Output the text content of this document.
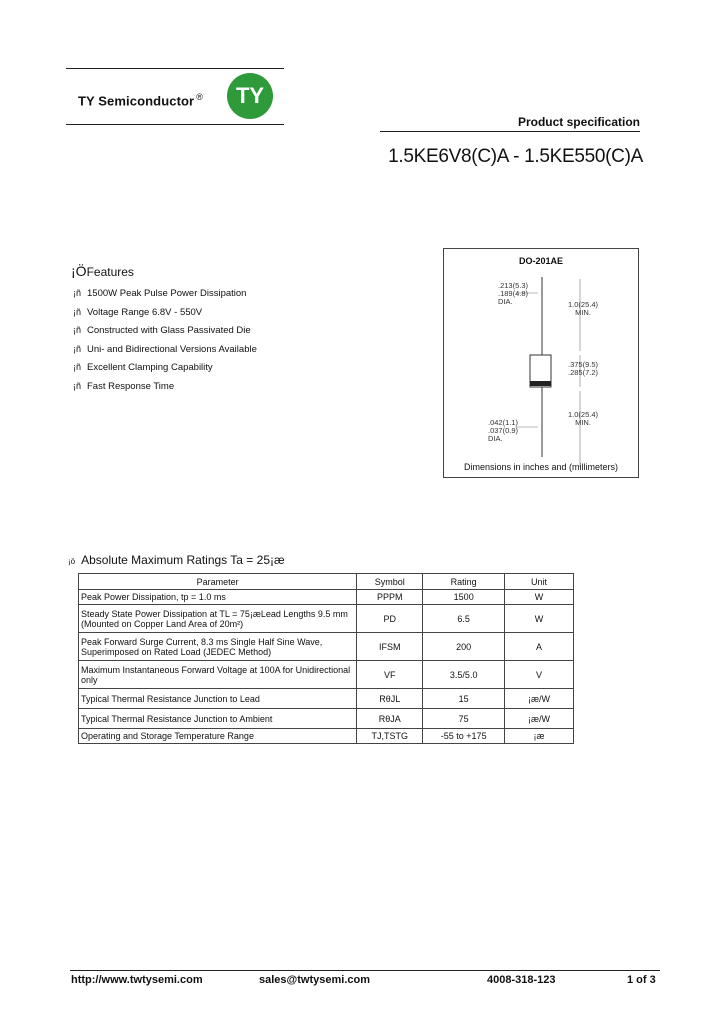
TY Semiconductor ® TY
Product specification
1.5KE6V8(C)A - 1.5KE550(C)A
¡ÖFeatures
¡ñ 1500W Peak Pulse Power Dissipation
¡ñ Voltage Range 6.8V - 550V
¡ñ Constructed with Glass Passivated Die
¡ñ Uni- and Bidirectional Versions Available
¡ñ Excellent Clamping Capability
¡ñ Fast Response Time
DO-201AE
.213(5.3)
.189(4.8)
DIA.	1.0(25.4)
MIN.
.375(9.5)
.285(7.2)
.042(1.1)
.037(0.9)
DIA.
1.0(25.4)
MIN.
Dimensions in inches and (millimeters)
¡ö Absolute Maximum Ratings Ta = 25¡æ
Parameter	Symbol	Rating	Unit
Peak Power Dissipation, tp = 1.0 ms	PPPM	1500	W
Steady State Power Dissipation at TL = 75¡æLead Lengths 9.5 mm (Mounted on Copper Land Area of 20m²)	PD	6.5	W
Peak Forward Surge Current, 8.3 ms Single Half Sine Wave, Superimposed on Rated Load (JEDEC Method)	IFSM	200	A
Maximum Instantaneous Forward Voltage at 100A for Unidirectional only	VF	3.5/5.0	V
Typical Thermal Resistance Junction to Lead	RθJL	15	¡æ/W
Typical Thermal Resistance Junction to Ambient	RθJA	75	¡æ/W
Operating and Storage Temperature Range	TJ,TSTG	-55 to +175	¡æ
http://www.twtysemi.com	sales@twtysemi.com	4008-318-123	1 of 3
